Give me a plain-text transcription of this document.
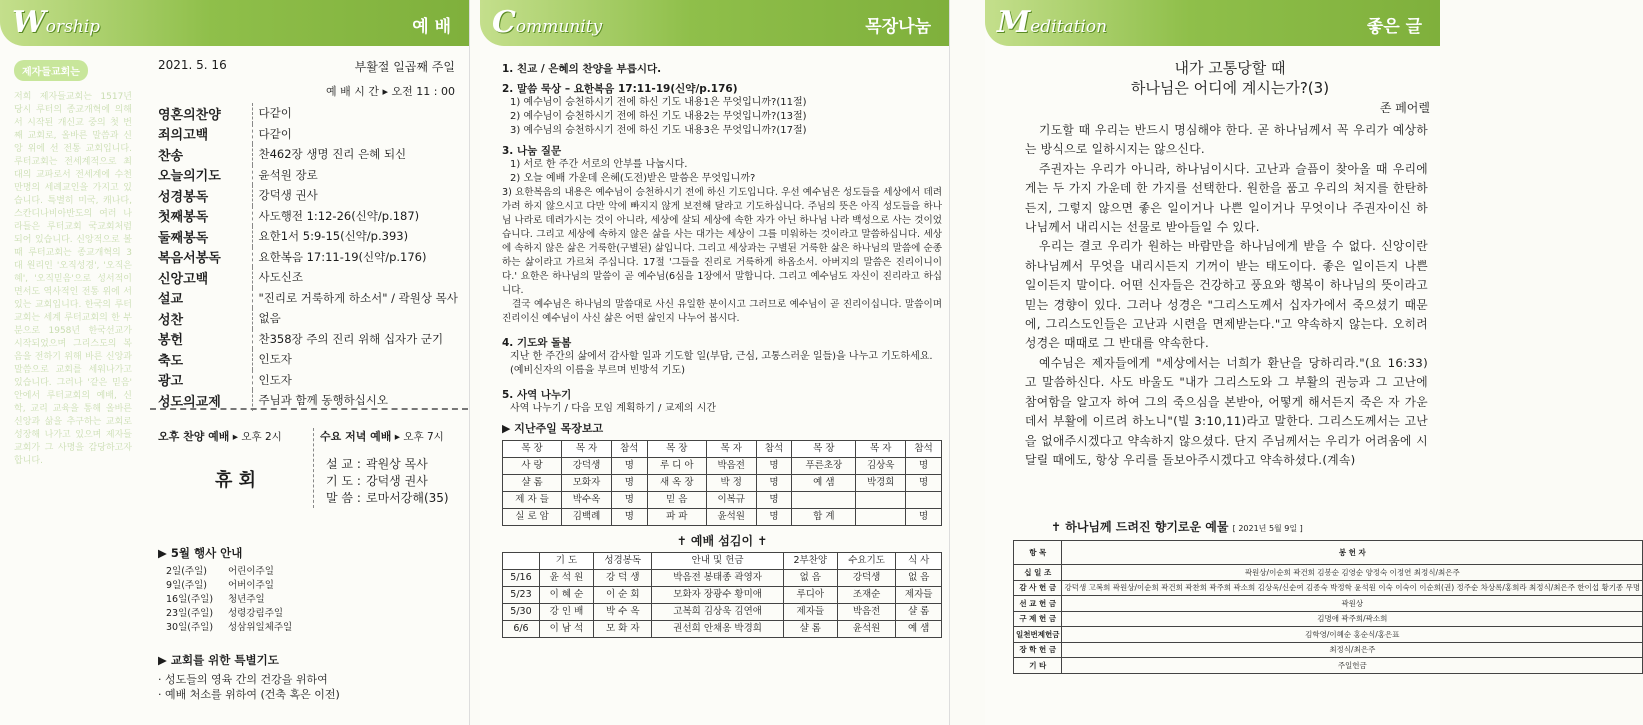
Worship	예 배
제자들교회는
저희 제자들교회는 1517년 당시 루터의 종교개혁에 의해서 시작된 개신교 중의 첫 번째 교회로, 올바른 말씀과 신앙 위에 선 전통 교회입니다. 루터교회는 전세계적으로 최대의 교파로서 전세계에 수천만명의 세례교인을 가지고 있습니다. 특별히 미국, 캐나다, 스칸디나비아반도의 여러 나라들은 루터교회 국교회처럼 되어 있습니다. 신앙적으로 볼 때 루터교회는 종교개혁의 3대 원리인 '오직성경', '오직은혜', '오직믿음'으로 성서적이면서도 역사적인 전통 위에 서 있는 교회입니다. 한국의 루터교회는 세계 루터교회의 한 부분으로 1958년 한국선교가 시작되었으며 그리스도의 복음을 전하기 위해 바른 신앙과 말씀으로 교회를 세워나가고 있습니다. 그러나 '같은 믿음' 안에서 루터교회의 예배, 신학, 교리 교육을 통해 올바른 신앙과 삶을 추구하는 교회로 성장해 나가고 있으며 제자들교회가 그 사명을 감당하고자 합니다.
2021. 5. 16	부활절 일곱째 주일
예 배 시 간 ▸ 오전 11 : 00
영혼의찬양	다같이
죄의고백	다같이
찬송	찬462장 생명 진리 은혜 되신
오늘의기도	윤석원 장로
성경봉독	강덕생 권사
첫째봉독	사도행전 1:12-26(신약/p.187)
둘째봉독	요한1서 5:9-15(신약/p.393)
복음서봉독	요한복음 17:11-19(신약/p.176)
신앙고백	사도신조
설교	"진리로 거룩하게 하소서" / 곽원상 목사
성찬	없음
봉헌	찬358장 주의 진리 위해 십자가 군기
축도	인도자
광고	인도자
성도의교제	주님과 함께 동행하십시오
오후 찬양 예배 ▸ 오후 2시
휴 회
수요 저녁 예배 ▸ 오후 7시
설 교 : 곽원상 목사
기 도 : 강덕생 권사
말 씀 : 로마서강해(35)
▶ 5월 행사 안내
2일(주일)	어린이주일
9일(주일)	어버이주일
16일(주일)	청년주일
23일(주일)	성령강림주일
30일(주일)	성삼위일체주일
▶ 교회를 위한 특별기도
· 성도들의 영육 간의 건강을 위하여
· 예배 처소를 위하여 (건축 혹은 이전)
Community	목장나눔
1. 친교 / 은혜의 찬양을 부릅시다.
2. 말씀 묵상 – 요한복음 17:11-19(신약/p.176)
1) 예수님이 승천하시기 전에 하신 기도 내용1은 무엇입니까?(11절)
2) 예수님이 승천하시기 전에 하신 기도 내용2는 무엇입니까?(13절)
3) 예수님의 승천하시기 전에 하신 기도 내용3은 무엇입니까?(17절)
3. 나눔 질문
1) 서로 한 주간 서로의 안부를 나눕시다.
2) 오늘 예배 가운데 은혜(도전)받은 말씀은 무엇입니까?
3) 요한복음의 내용은 예수님이 승천하시기 전에 하신 기도입니다. 우선 예수님은 성도들을 세상에서 데려가려 하지 않으시고 다만 악에 빠지지 않게 보전해 달라고 기도하십니다. 주님의 뜻은 아직 성도들을 하나님 나라로 데려가시는 것이 아니라, 세상에 살되 세상에 속한 자가 아닌 하나님 나라 백성으로 사는 것이었습니다. 그리고 세상에 속하지 않은 삶을 사는 대가는 세상이 그를 미워하는 것이라고 말씀하십니다. 세상에 속하지 않은 삶은 거룩한(구별된) 삶입니다. 그리고 세상과는 구별된 거룩한 삶은 하나님의 말씀에 순종하는 삶이라고 가르쳐 주십니다. 17절 '그들을 진리로 거룩하게 하옵소서. 아버지의 말씀은 진리이니이다.' 요한은 하나님의 말씀이 곧 예수님(6심을 1장에서 말합니다. 그리고 예수님도 자신이 진리라고 하십니다.
결국 예수님은 하나님의 말씀대로 사신 유일한 분이시고 그러므로 예수님이 곧 진리이십니다. 말씀이며 진리이신 예수님이 사신 삶은 어떤 삶인지 나누어 봅시다.
4. 기도와 돌봄
지난 한 주간의 삶에서 감사할 일과 기도할 일(부담, 근심, 고통스러운 일들)을 나누고 기도하세요. (예비신자의 이름을 부르며 빈방석 기도)
5. 사역 나누기
사역 나누기 / 다음 모임 계획하기 / 교제의 시간
▶ 지난주일 목장보고
목 장	목 자	참석	목 장	목 자	참석	목 장	목 자	참석
사 랑	강덕생	명	루 디 아	박음전	명	푸른초장	김상욱	명
샬 롬	모화자	명	새 옥 장	박 정	명	예 샘	박경희	명
제 자 들	박수옥	명	믿 음	이복규	명			
실 로 암	김백례	명	파 파	윤석원	명	합 계		명
✝ 예배 섬김이 ✝
	기 도	성경봉독	안내 및 헌금	2부찬양	수요기도	식 사
5/16	윤 석 원	강 덕 생	박음전 봉태종 곽영자	없 음	강덕생	없 음
5/23	이 혜 순	이 순 회	모화자 장광수 황미애	루디아	조재순	제자들
5/30	강 인 배	박 수 옥	고복희 김상욱 김연애	제자들	박음전	샬 롬
6/6	이 남 석	모 화 자	권선희 안채옹 박경희	샬 롬	윤석원	예 샘
Meditation	좋은 글
내가 고통당할 때
하나님은 어디에 계시는가?(3)
존 페어렐

기도할 때 우리는 반드시 명심해야 한다. 곧 하나님께서 꼭 우리가 예상하는 방식으로 일하시지는 않으신다.

주권자는 우리가 아니라, 하나님이시다. 고난과 슬픔이 찾아올 때 우리에게는 두 가지 가운데 한 가지를 선택한다. 원한을 품고 우리의 처지를 한탄하든지, 그렇지 않으면 좋은 일이거나 나쁜 일이거나 무엇이나 주권자이신 하나님께서 내리시는 선물로 받아들일 수 있다.

우리는 결코 우리가 원하는 바람만을 하나님에게 받을 수 없다. 신앙이란 하나님께서 무엇을 내리시든지 기꺼이 받는 태도이다. 좋은 일이든지 나쁜 일이든지 말이다. 어떤 신자들은 건강하고 풍요와 행복이 하나님의 뜻이라고 믿는 경향이 있다. 그러나 성경은 "그리스도께서 십자가에서 죽으셨기 때문에, 그리스도인들은 고난과 시련을 면제받는다."고 약속하지 않는다. 오히려 성경은 때때로 그 반대를 약속한다.

예수님은 제자들에게 "세상에서는 너희가 환난을 당하리라."(요 16:33)고 말씀하신다. 사도 바울도 "내가 그리스도와 그 부활의 권능과 그 고난에 참여함을 알고자 하여 그의 죽으심을 본받아, 어떻게 해서든지 죽은 자 가운데서 부활에 이르려 하노니"(빌 3:10,11)라고 말한다. 그리스도께서는 고난을 없애주시겠다고 약속하지 않으셨다. 단지 주님께서는 우리가 어려움에 시달릴 때에도, 항상 우리를 돌보아주시겠다고 약속하셨다.(계속)

✝ 하나님께 드려진 향기로운 예물 [ 2021년 5월 9일 ]
항 목	봉 헌 자
십 일 조	곽원상/이순희 곽건희 김봉순 김영순 양정숙 이정연 최정식/최은주
감 사 헌 금	강덕생 고복희 곽원상/이순희 곽건희 곽찬희 곽주희 곽소희 김상욱/신순여 김종숙 박정학 윤석원 이숙 이숙이 이순희(권) 정주순 차상록/홍희라 최정식/최은주 한이섭 황기종 무명
선 교 헌 금	곽원상
구 제 헌 금	김명애 곽주희/곽소희
일천번제헌금	김학영/이혜순 홍순식/홍은표
장 학 헌 금	최정식/최은주
기 타	주일헌금
